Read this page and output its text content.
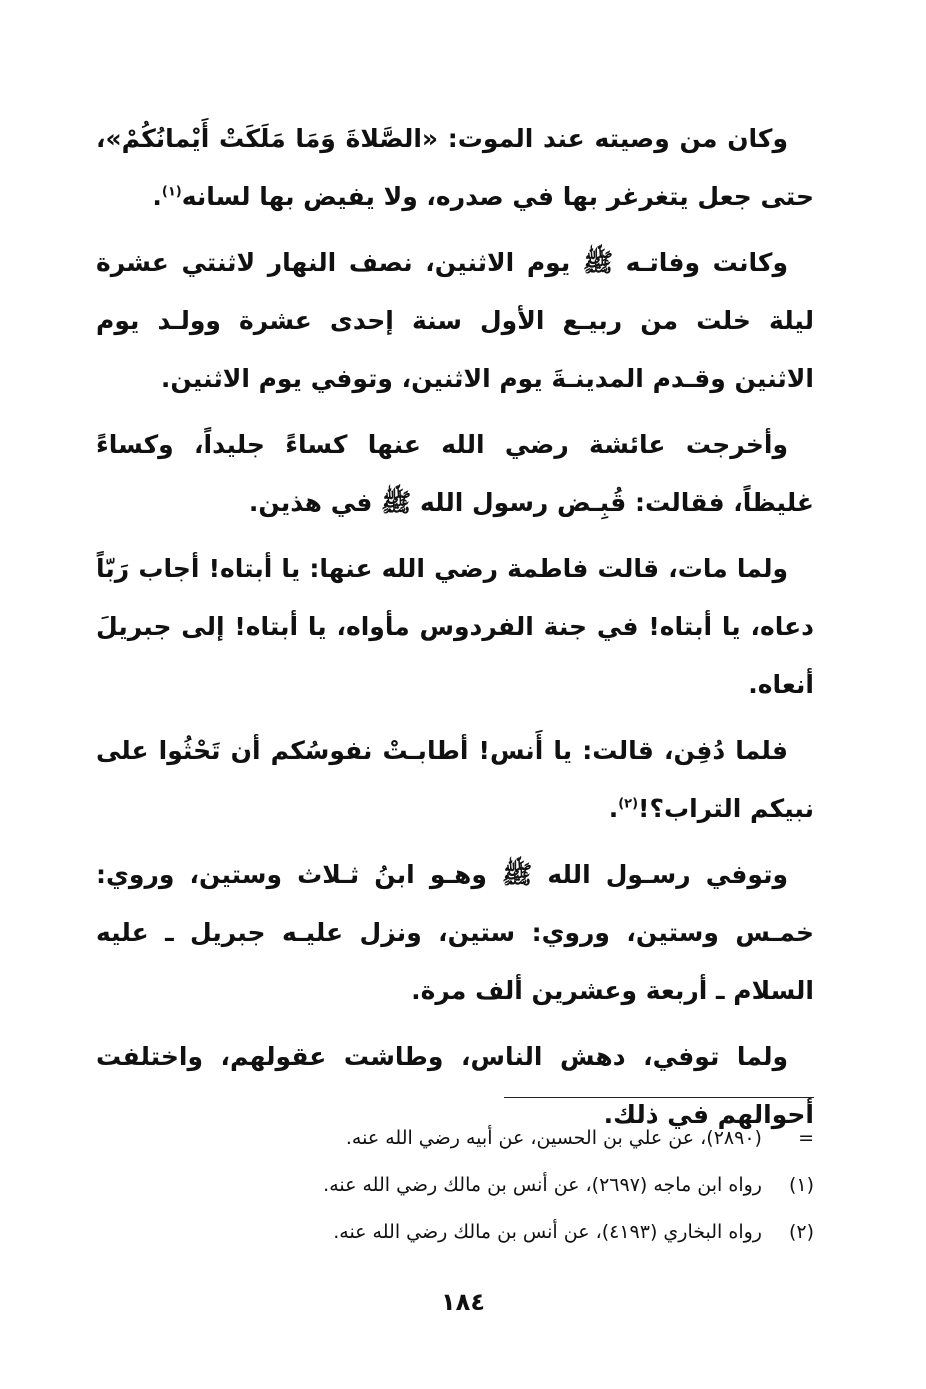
وكان من وصيته عند الموت: «الصَّلاةَ وَمَا مَلَكَتْ أَيْمانُكُمْ»، حتى جعل يتغرغر بها في صدره، ولا يفيض بها لسانه$^{(١)}$.

وكانت وفاتـه ﷺ يوم الاثنين، نصف النهار لاثنتي عشرة ليلة خلت من ربيـع الأول سنة إحدى عشرة وولـد يوم الاثنين وقـدم المدينـةَ يوم الاثنين، وتوفي يوم الاثنين.

وأخرجت عائشة رضي الله عنها كساءً جليداً، وكساءً غليظاً، فقالت: قُبِـض رسول الله ﷺ في هذين.

ولما مات، قالت فاطمة رضي الله عنها: يا أبتاه! أجاب رَبّاً دعاه، يا أبتاه! في جنة الفردوس مأواه، يا أبتاه! إلى جبريلَ أنعاه.

فلما دُفِن، قالت: يا أَنس! أطابـتْ نفوسُكم أن تَحْثُوا على نبيكم التراب؟!$^{(٢)}$.

وتوفي رسـول الله ﷺ وهـو ابنُ ثـلاث وستين، وروي: خمـس وستين، وروي: ستين، ونزل عليـه جبريل ـ عليه السلام ـ أربعة وعشرين ألف مرة.

ولما توفي، دهش الناس، وطاشت عقولهم، واختلفت أحوالهم في ذلك.

= (٢٨٩٠)، عن علي بن الحسين، عن أبيه رضي الله عنه.
(١) رواه ابن ماجه (٢٦٩٧)، عن أنس بن مالك رضي الله عنه.
(٢) رواه البخاري (٤١٩٣)، عن أنس بن مالك رضي الله عنه.
١٨٤
